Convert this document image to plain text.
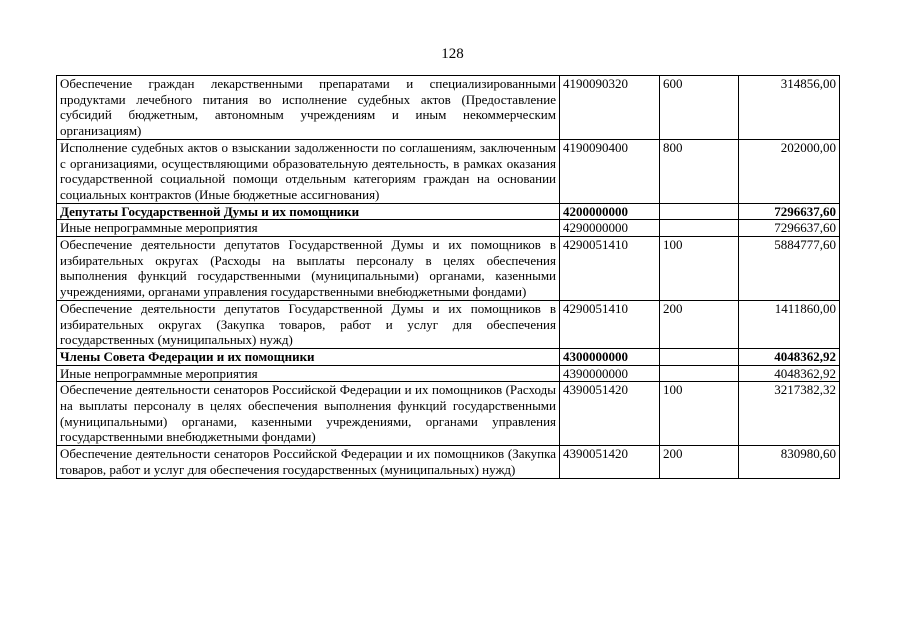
128
Обеспечение граждан лекарственными препаратами и специализированными продуктами лечебного питания во исполнение судебных актов (Предоставление субсидий бюджетным, автономным учреждениям и иным некоммерческим организациям)	4190090320	600	314856,00
Исполнение судебных актов о взыскании задолженности по соглашениям, заключенным с организациями, осуществляющими образовательную деятельность, в рамках оказания государственной социальной помощи отдельным категориям граждан на основании социальных контрактов (Иные бюджетные ассигнования)	4190090400	800	202000,00
Депутаты Государственной Думы и их помощники	4200000000		7296637,60
Иные непрограммные мероприятия	4290000000		7296637,60
Обеспечение деятельности депутатов Государственной Думы и их помощников в избирательных округах (Расходы на выплаты персоналу в целях обеспечения выполнения функций государственными (муниципальными) органами, казенными учреждениями, органами управления государственными внебюджетными фондами)	4290051410	100	5884777,60
Обеспечение деятельности депутатов Государственной Думы и их помощников в избирательных округах (Закупка товаров, работ и услуг для обеспечения государственных (муниципальных) нужд)	4290051410	200	1411860,00
Члены Совета Федерации и их помощники	4300000000		4048362,92
Иные непрограммные мероприятия	4390000000		4048362,92
Обеспечение деятельности сенаторов Российской Федерации и их помощников (Расходы на выплаты персоналу в целях обеспечения выполнения функций государственными (муниципальными) органами, казенными учреждениями, органами управления государственными внебюджетными фондами)	4390051420	100	3217382,32
Обеспечение деятельности сенаторов Российской Федерации и их помощников (Закупка товаров, работ и услуг для обеспечения государственных (муниципальных) нужд)	4390051420	200	830980,60
